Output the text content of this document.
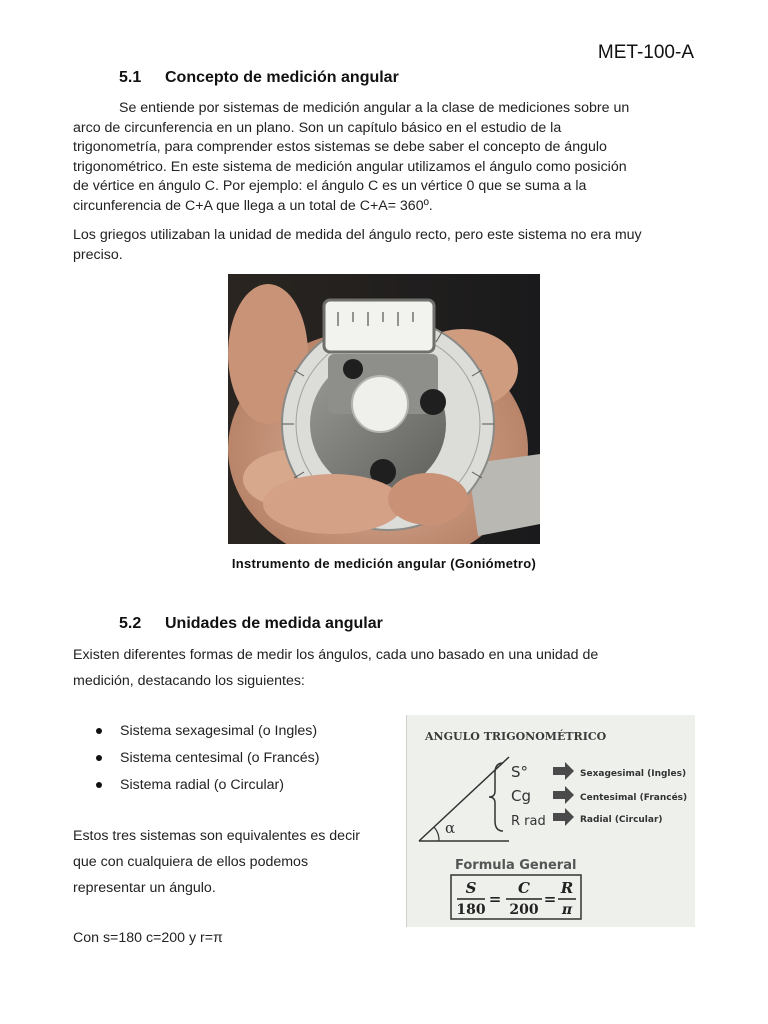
MET-100-A
5.1 Concepto de medición angular
Se entiende por sistemas de medición angular a la clase de mediciones sobre un
arco de circunferencia en un plano. Son un capítulo básico en el estudio de la
trigonometría, para comprender estos sistemas se debe saber el concepto de ángulo
trigonométrico. En este sistema de medición angular utilizamos el ángulo como posición
de vértice en ángulo C. Por ejemplo: el ángulo C es un vértice 0 que se suma a la
circunferencia de C+A que llega a un total de C+A= 360º.
Los griegos utilizaban la unidad de medida del ángulo recto, pero este sistema no era muy
preciso.
Instrumento de medición angular (Goniómetro)
5.2 Unidades de medida angular
Existen diferentes formas de medir los ángulos, cada uno basado en una unidad de
medición, destacando los siguientes:
Sistema sexagesimal (o Ingles)
Sistema centesimal (o Francés)
Sistema radial (o Circular)
Estos tres sistemas son equivalentes es decir
que con cualquiera de ellos podemos
representar un ángulo.
Con s=180 c=200 y r=π
ANGULO TRIGONOMÉTRICO
α
S°
Cg
R rad
Sexagesimal (Ingles)
Centesimal (Francés)
Radial (Circular)
Formula General
S	C R
180 200 π
=	=
